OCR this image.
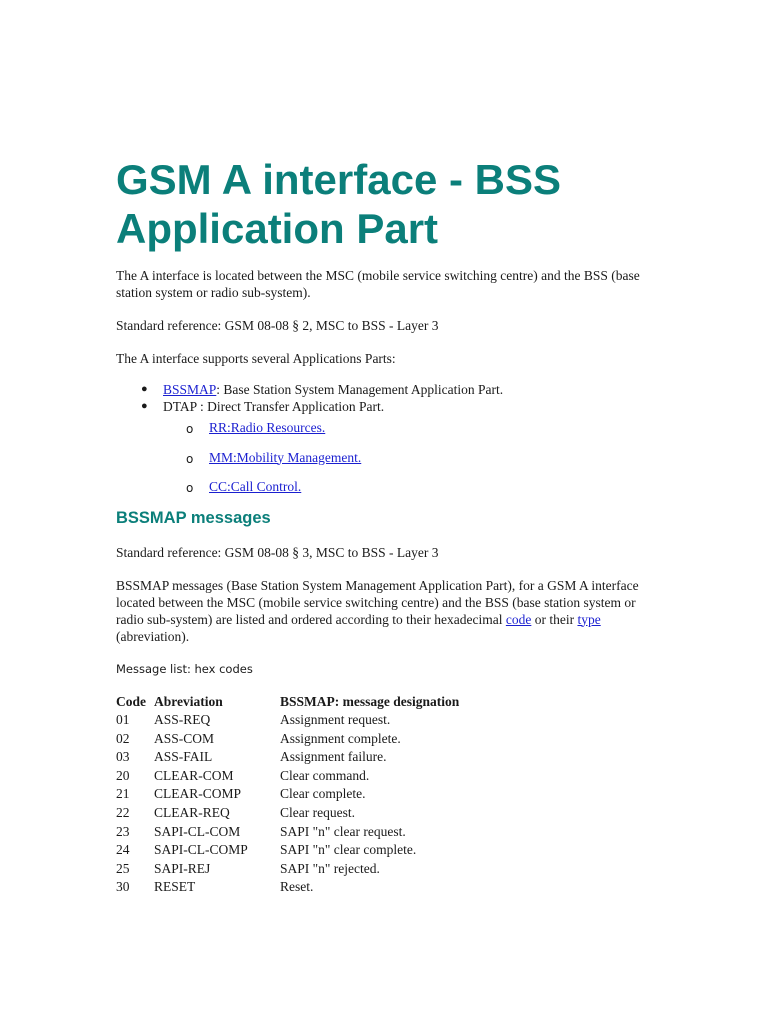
GSM A interface - BSS Application Part

The A interface is located between the MSC (mobile service switching centre) and the BSS (base station system or radio sub-system).

Standard reference: GSM 08-08 § 2, MSC to BSS - Layer 3

The A interface supports several Applications Parts:

● BSSMAP: Base Station System Management Application Part.
● DTAP : Direct Transfer Application Part.
o RR:Radio Resources.
o MM:Mobility Management.
o CC:Call Control.
BSSMAP messages

Standard reference: GSM 08-08 § 3, MSC to BSS - Layer 3

BSSMAP messages (Base Station System Management Application Part), for a GSM A interface located between the MSC (mobile service switching centre) and the BSS (base station system or radio sub-system) are listed and ordered according to their hexadecimal code or their type (abreviation).

Message list: hex codes
Code	Abreviation	BSSMAP: message designation
01	ASS-REQ	Assignment request.
02	ASS-COM	Assignment complete.
03	ASS-FAIL	Assignment failure.
20	CLEAR-COM	Clear command.
21	CLEAR-COMP	Clear complete.
22	CLEAR-REQ	Clear request.
23	SAPI-CL-COM	SAPI "n" clear request.
24	SAPI-CL-COMP	SAPI "n" clear complete.
25	SAPI-REJ	SAPI "n" rejected.
30	RESET	Reset.
